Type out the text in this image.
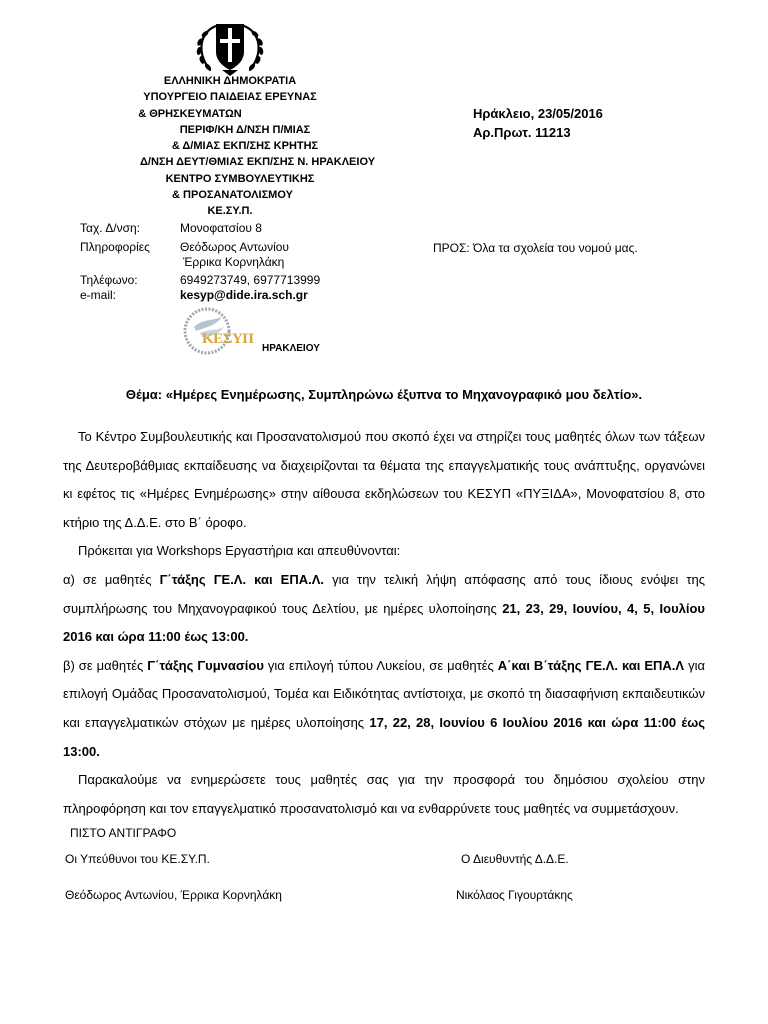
ΕΛΛΗΝΙΚΗ ΔΗΜΟΚΡΑΤΙΑ
ΥΠΟΥΡΓΕΙΟ ΠΑΙΔΕΙΑΣ ΕΡΕΥΝΑΣ
& ΘΡΗΣΚΕΥΜΑΤΩΝ
ΠΕΡΙΦ/ΚΗ Δ/ΝΣΗ Π/ΜΙΑΣ
& Δ/ΜΙΑΣ ΕΚΠ/ΣΗΣ ΚΡΗΤΗΣ
Δ/ΝΣΗ ΔΕΥΤ/ΘΜΙΑΣ ΕΚΠ/ΣΗΣ Ν. ΗΡΑΚΛΕΙΟΥ
ΚΕΝΤΡΟ ΣΥΜΒΟΥΛΕΥΤΙΚΗΣ
& ΠΡΟΣΑΝΑΤΟΛΙΣΜΟΥ
ΚΕ.ΣΥ.Π.
Ηράκλειο, 23/05/2016
Αρ.Πρωτ. 11213
Ταχ. Δ/νση:	Μονοφατσίου 8
Πληροφορίες	Θεόδωρος Αντωνίου
Έρρικα Κορνηλάκη
Τηλέφωνο:	6949273749, 6977713999
e-mail:	kesyp@dide.ira.sch.gr
ΠΡΟΣ: Όλα τα σχολεία του νομού μας.
ΚΕΣΥΠ
ΗΡΑΚΛΕΙΟΥ
Θέμα: «Ημέρες Ενημέρωσης, Συμπληρώνω έξυπνα το Μηχανογραφικό μου δελτίο».

Το Κέντρο Συμβουλευτικής και Προσανατολισμού που σκοπό έχει να στηρίζει τους μαθητές όλων των τάξεων της Δευτεροβάθμιας εκπαίδευσης να διαχειρίζονται τα θέματα της επαγγελματικής τους ανάπτυξης, οργανώνει κι εφέτος τις «Ημέρες Ενημέρωσης» στην αίθουσα εκδηλώσεων του ΚΕΣΥΠ «ΠΥΞΙΔΑ», Μονοφατσίου 8, στο κτήριο της Δ.Δ.Ε. στο Β΄ όροφο.

Πρόκειται για Workshops Εργαστήρια και απευθύνονται:

α) σε μαθητές Γ΄τάξης ΓΕ.Λ. και ΕΠΑ.Λ. για την τελική λήψη απόφασης από τους ίδιους ενόψει της συμπλήρωσης του Μηχανογραφικού τους Δελτίου, με ημέρες υλοποίησης 21, 23, 29, Ιουνίου, 4, 5, Ιουλίου 2016 και ώρα 11:00 έως 13:00.

β) σε μαθητές Γ΄τάξης Γυμνασίου για επιλογή τύπου Λυκείου, σε μαθητές Α΄και Β΄τάξης ΓΕ.Λ. και ΕΠΑ.Λ για επιλογή Ομάδας Προσανατολισμού, Τομέα και Ειδικότητας αντίστοιχα, με σκοπό τη διασαφήνιση εκπαιδευτικών και επαγγελματικών στόχων με ημέρες υλοποίησης 17, 22, 28, Ιουνίου 6 Ιουλίου 2016 και ώρα 11:00 έως 13:00.

Παρακαλούμε να ενημερώσετε τους μαθητές σας για την προσφορά του δημόσιου σχολείου στην πληροφόρηση και τον επαγγελματικό προσανατολισμό και να ενθαρρύνετε τους μαθητές να συμμετάσχουν.

ΠΙΣΤΟ ΑΝΤΙΓΡΑΦΟ
Οι Υπεύθυνοι του ΚΕ.ΣΥ.Π.	Ο Διευθυντής Δ.Δ.Ε.
Θεόδωρος Αντωνίου, Έρρικα Κορνηλάκη	Νικόλαος Γιγουρτάκης
